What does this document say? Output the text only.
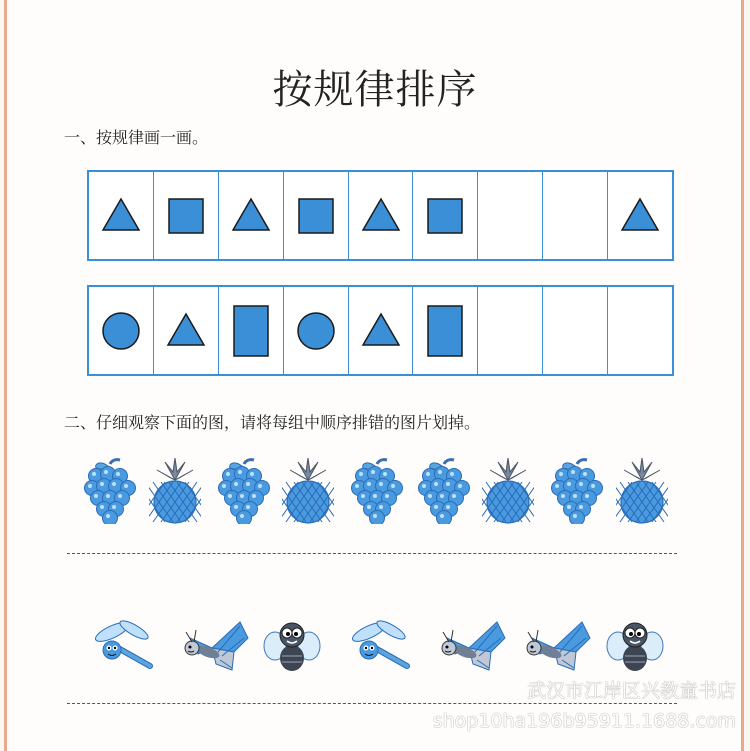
按规律排序
一、按规律画一画。
二、仔细观察下面的图，请将每组中顺序排错的图片划掉。
武汉市江岸区兴教童书店
shop10ha196b95911.1688.com
